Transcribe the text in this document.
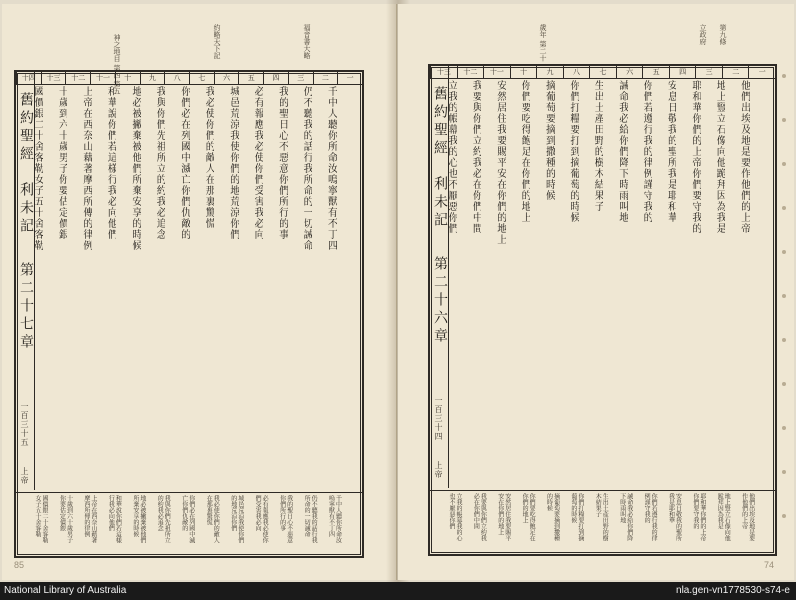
福音書大略
約略天下記
神之地目 第四 第五	一
二
三
四
五
六
七
八
九
十
十一
十二
十三
十四
千中人聽你所命汝嗚寧獸有不丁四
仍不聽我的話行我所命的一切誡命
我的聖日心不惡意你們所行的事
必有報應我必使你們受害我必向
城邑荒涼我使你們的地荒涼你們
我必使你們的敵人在那裏驚慌
你們必在列國中滅亡你們仇敵的
我與你們先祖所立的約我必追念
地必被撇棄被他們所棄安享的時候
和華說你們若這樣行我必向他們
上帝在西奈山藉著摩西所傳的律例
十歲到六十歲男子你要估定價銀
國價銀二十舍客勒女子五十舍客勒
千中人聽你所命汝嗚寧獸有不丁四
仍不聽我的話行我所命的一切誡命
我的聖日心不惡意你們所行的事
必有報應我必使你們受害我必向
城邑荒涼我使你們的地荒涼你們
我必使你們的敵人在那裏驚慌
你們必在列國中滅亡你們仇敵的
我與你們先祖所立的約我必追念
地必被撇棄被他們所棄安享的時候
和華說你們若這樣行我必向他們
上帝在西奈山藉著摩西所傳的律例
十歲到六十歲男子你要估定價銀
國價銀二十舍客勒女子五十舍客勒
舊約聖經
利未記
第二十七章
一百三十五
上帝
85
第九條
立政府
歲年 第二十一
一
二
三
四
五
六
七
八
九
十
十一
十二
十三
他們出埃及地是要作他們的上帝
地上豎立石像向他跪拜因為我是
耶和華你們的上帝你們要守我的
安息日敬我的聖所我是耶和華
你們若遵行我的律例謹守我的
誡命我必給你們降下時雨叫地
生出土產田野的樹木結果子
你們打糧要打到摘葡萄的時候
摘葡萄要摘到撒種的時候
你們要吃得飽足在你們的地上
安然居住我要賜平安在你們的地上
我要與你們立約我必在你們中間
立我的帳幕我的心也不厭惡你們
他們出埃及地是要作他們的上帝
地上豎立石像向他跪拜因為我是
耶和華你們的上帝你們要守我的
安息日敬我的聖所我是耶和華
你們若遵行我的律例謹守我的
誡命我必給你們降下時雨叫地
生出土產田野的樹木結果子
你們打糧要打到摘葡萄的時候
摘葡萄要摘到撒種的時候
你們要吃得飽足在你們的地上
安然居住我要賜平安在你們的地上
我要與你們立約我必在你們中間
立我的帳幕我的心也不厭惡你們
舊約聖經
利未記
第二十六章
一百三十四
上帝
74
National Library of Australia	nla.gen-vn1778530-s74-e
